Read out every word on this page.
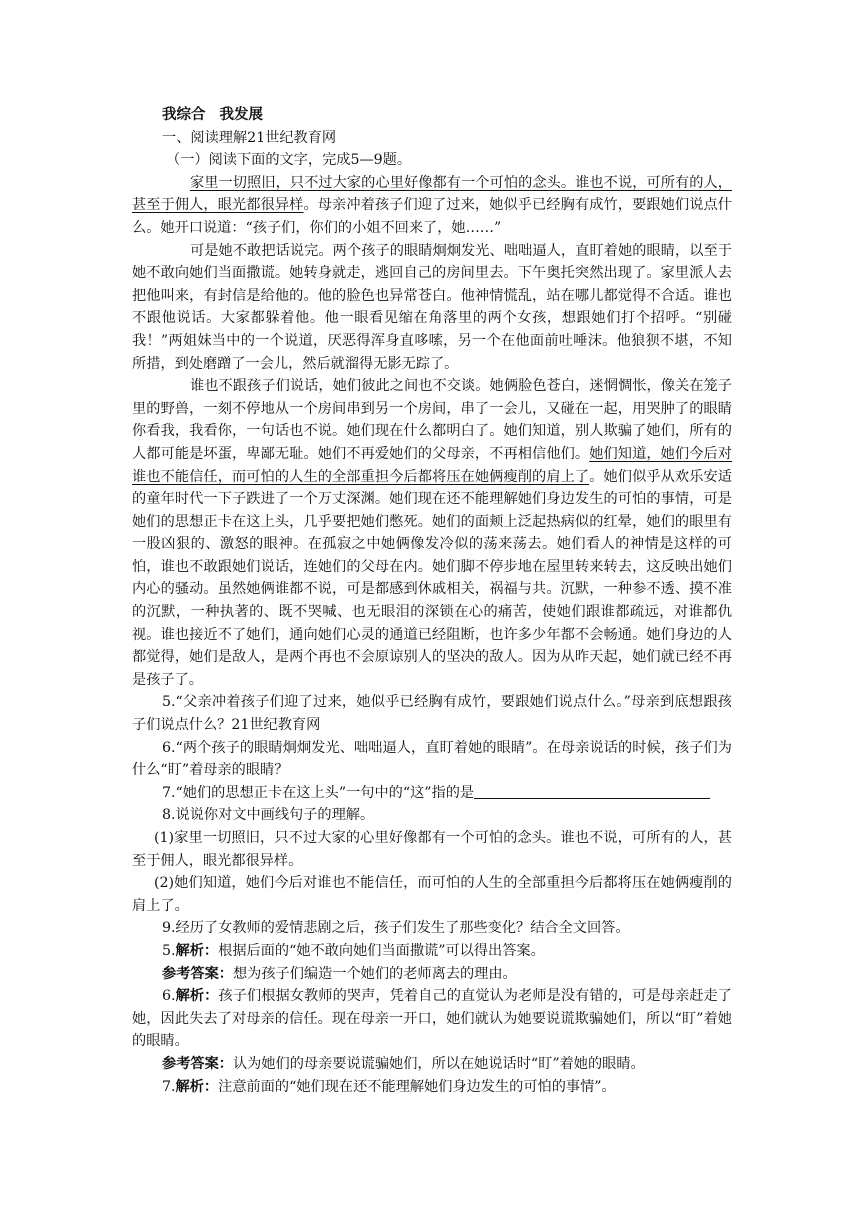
我综合 我发展

一、阅读理解21世纪教育网

（一）阅读下面的文字，完成5—9题。

家里一切照旧，只不过大家的心里好像都有一个可怕的念头。谁也不说，可所有的人，甚至于佣人，眼光都很异样。母亲冲着孩子们迎了过来，她似乎已经胸有成竹，要跟她们说点什么。她开口说道：“孩子们，你们的小姐不回来了，她……”

可是她不敢把话说完。两个孩子的眼睛炯炯发光、咄咄逼人，直盯着她的眼睛，以至于她不敢向她们当面撒谎。她转身就走，逃回自己的房间里去。下午奥托突然出现了。家里派人去把他叫来，有封信是给他的。他的脸色也异常苍白。他神情慌乱，站在哪儿都觉得不合适。谁也不跟他说话。大家都躲着他。他一眼看见缩在角落里的两个女孩，想跟她们打个招呼。“别碰我！”两姐妹当中的一个说道，厌恶得浑身直哆嗦，另一个在他面前吐唾沫。他狼狈不堪，不知所措，到处磨蹭了一会儿，然后就溜得无影无踪了。

谁也不跟孩子们说话，她们彼此之间也不交谈。她俩脸色苍白，迷惘惆怅，像关在笼子里的野兽，一刻不停地从一个房间串到另一个房间，串了一会儿，又碰在一起，用哭肿了的眼睛你看我，我看你，一句话也不说。她们现在什么都明白了。她们知道，别人欺骗了她们，所有的人都可能是坏蛋，卑鄙无耻。她们不再爱她们的父母亲，不再相信他们。她们知道，她们今后对谁也不能信任，而可怕的人生的全部重担今后都将压在她俩瘦削的肩上了。她们似乎从欢乐安适的童年时代一下子跌进了一个万丈深渊。她们现在还不能理解她们身边发生的可怕的事情，可是她们的思想正卡在这上头，几乎要把她们憋死。她们的面颊上泛起热病似的红晕，她们的眼里有一股凶狠的、激怒的眼神。在孤寂之中她俩像发冷似的荡来荡去。她们看人的神情是这样的可怕，谁也不敢跟她们说话，连她们的父母在内。她们脚不停步地在屋里转来转去，这反映出她们内心的骚动。虽然她俩谁都不说，可是都感到休戚相关，祸福与共。沉默，一种参不透、摸不准的沉默，一种执著的、既不哭喊、也无眼泪的深锁在心的痛苦，使她们跟谁都疏远，对谁都仇视。谁也接近不了她们，通向她们心灵的通道已经阻断，也许多少年都不会畅通。她们身边的人都觉得，她们是敌人，是两个再也不会原谅别人的坚决的敌人。因为从昨天起，她们就已经不再是孩子了。

5.“父亲冲着孩子们迎了过来，她似乎已经胸有成竹，要跟她们说点什么。”母亲到底想跟孩子们说点什么？21世纪教育网

6.“两个孩子的眼睛炯炯发光、咄咄逼人，直盯着她的眼睛”。在母亲说话的时候，孩子们为什么“盯”着母亲的眼睛？

7.“她们的思想正卡在这上头”一句中的“这”指的是

8.说说你对文中画线句子的理解。

(1)家里一切照旧，只不过大家的心里好像都有一个可怕的念头。谁也不说，可所有的人，甚至于佣人，眼光都很异样。

(2)她们知道，她们今后对谁也不能信任，而可怕的人生的全部重担今后都将压在她俩瘦削的肩上了。

9.经历了女教师的爱情悲剧之后，孩子们发生了那些变化？结合全文回答。

5.解析：根据后面的“她不敢向她们当面撒谎”可以得出答案。

参考答案：想为孩子们编造一个她们的老师离去的理由。

6.解析：孩子们根据女教师的哭声，凭着自己的直觉认为老师是没有错的，可是母亲赶走了她，因此失去了对母亲的信任。现在母亲一开口，她们就认为她要说谎欺骗她们，所以“盯”着她的眼睛。

参考答案：认为她们的母亲要说谎骗她们，所以在她说话时“盯”着她的眼睛。

7.解析：注意前面的“她们现在还不能理解她们身边发生的可怕的事情”。
